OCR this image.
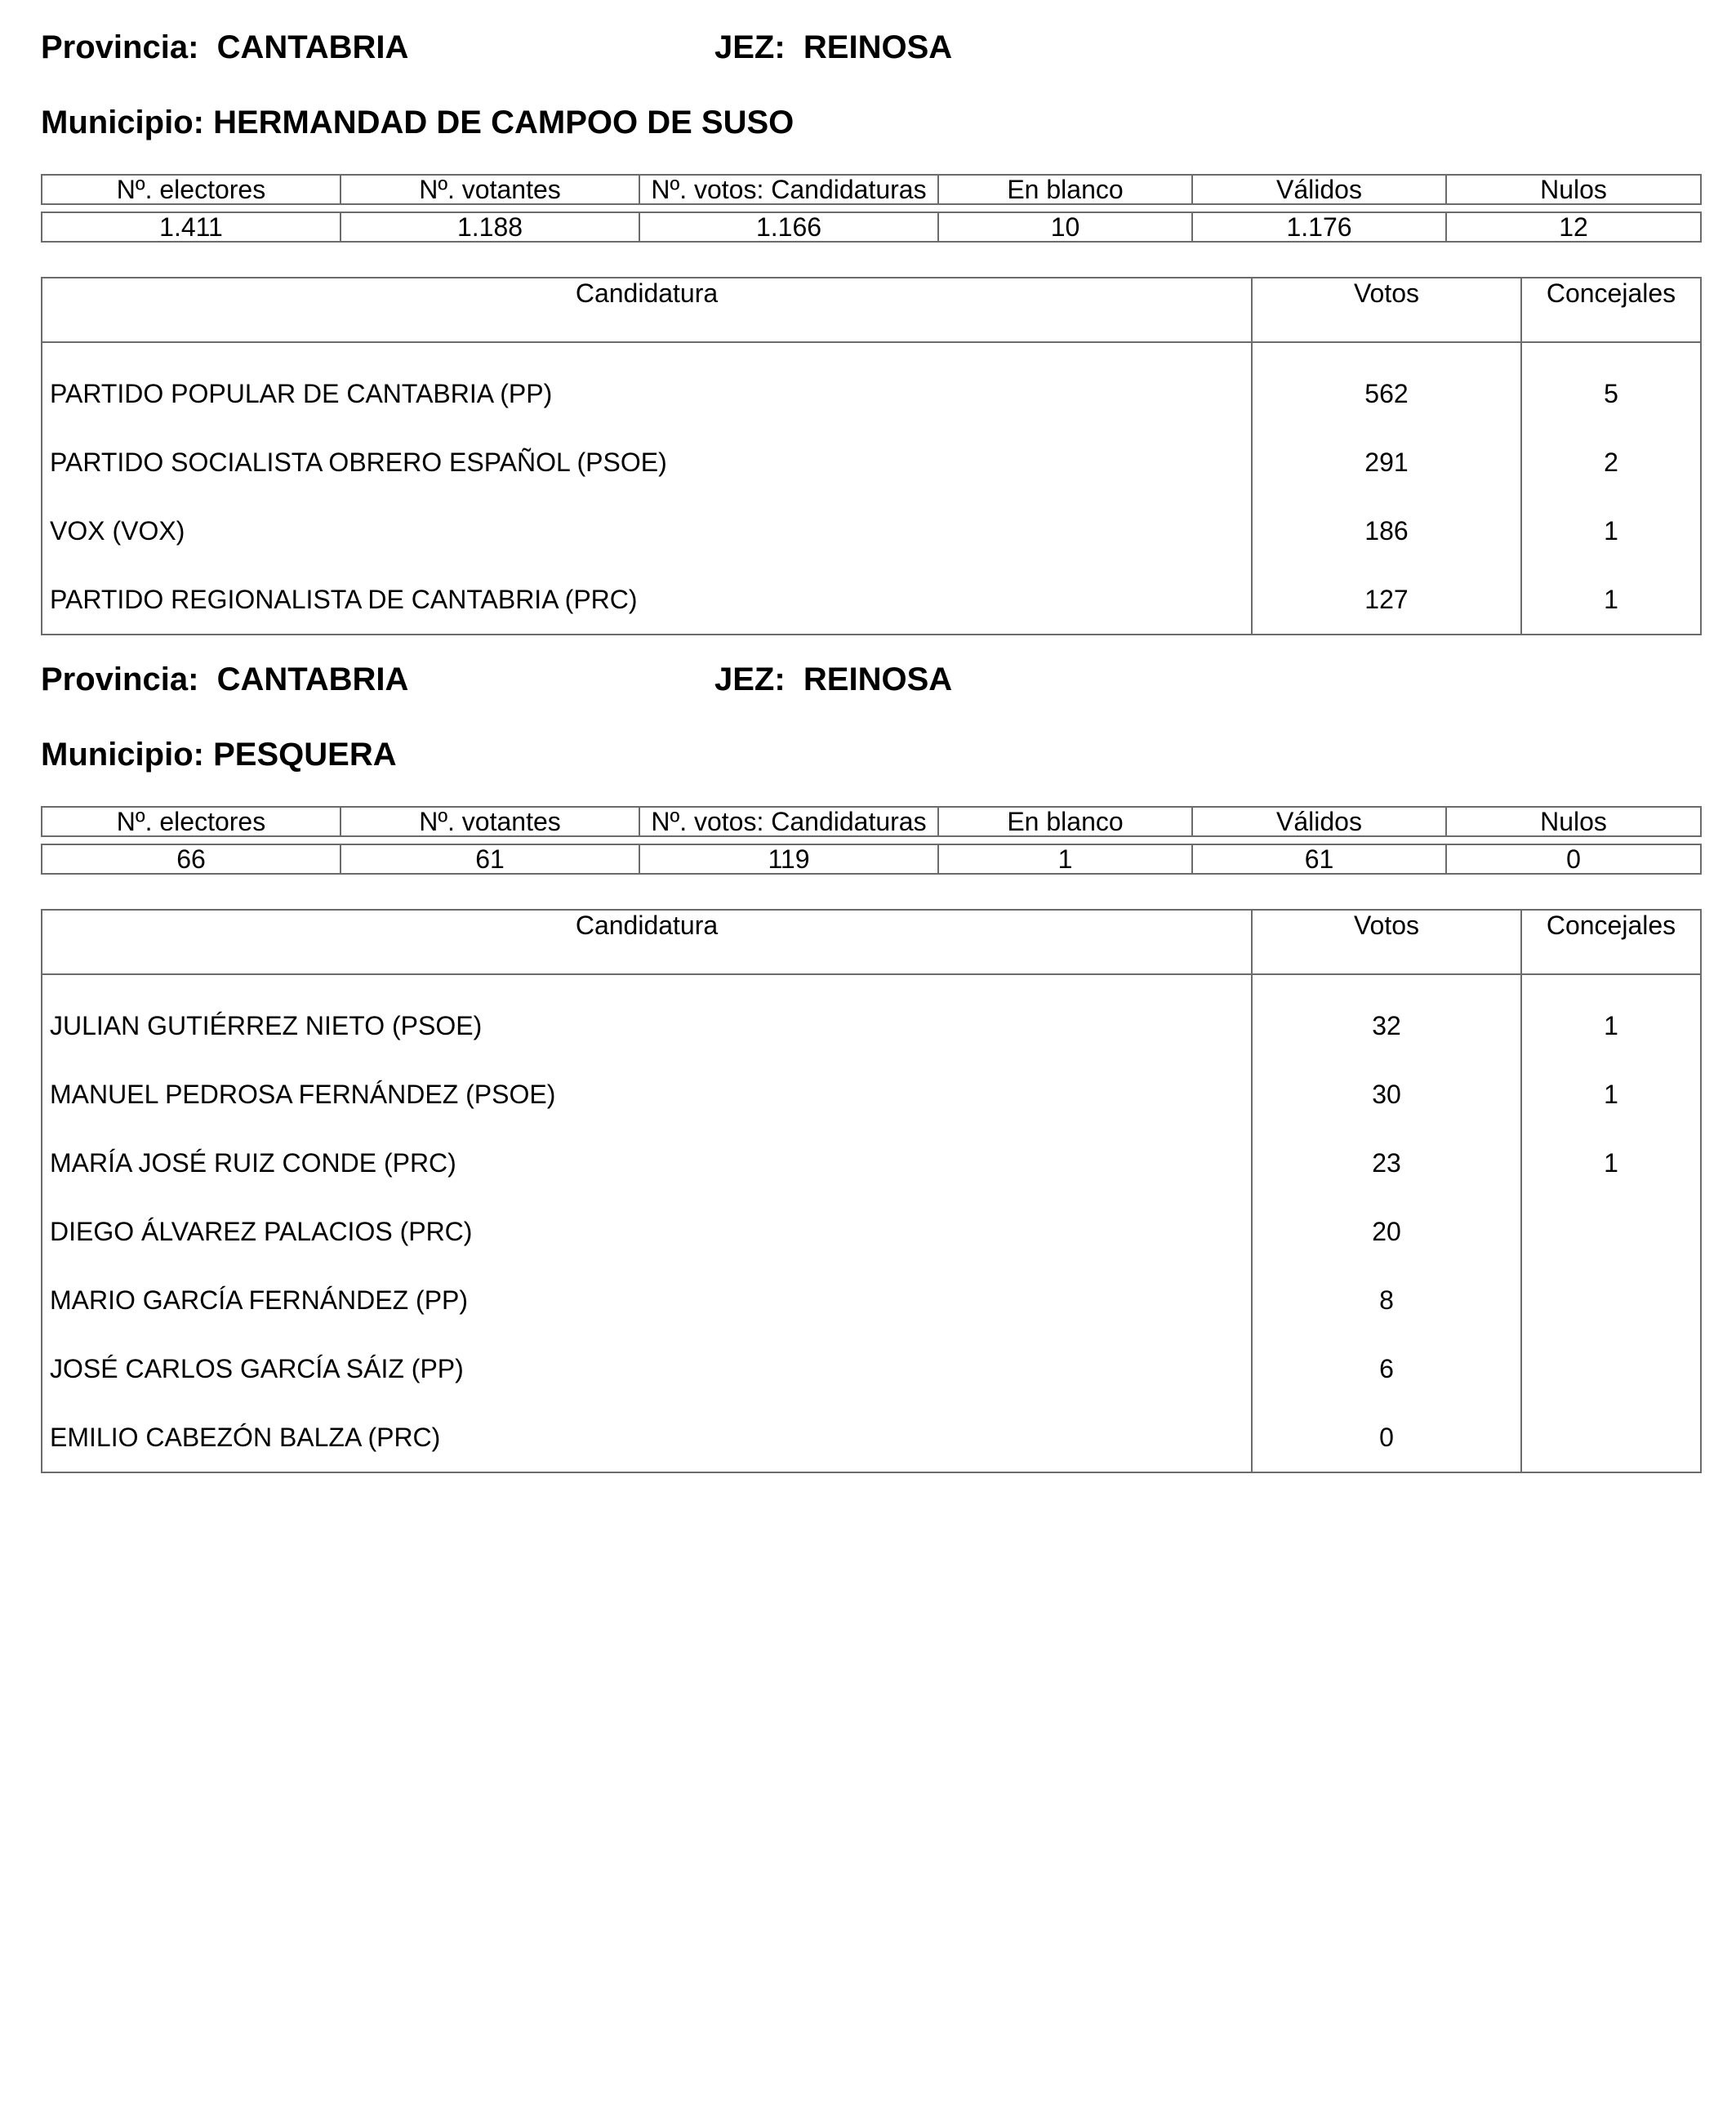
Provincia: CANTABRIA	JEZ: REINOSA
Municipio: HERMANDAD DE CAMPOO DE SUSO
Nº. electores	Nº. votantes	Nº. votos: Candidaturas	En blanco	Válidos	Nulos

1.411	1.188	1.166	10	1.176	12
Candidatura	Votos	Concejales

PARTIDO POPULAR DE CANTABRIA (PP)	562	5
PARTIDO SOCIALISTA OBRERO ESPAÑOL (PSOE)	291	2
VOX (VOX)	186	1
PARTIDO REGIONALISTA DE CANTABRIA (PRC)	127	1
Provincia: CANTABRIA	JEZ: REINOSA
Municipio: PESQUERA
Nº. electores	Nº. votantes	Nº. votos: Candidaturas	En blanco	Válidos	Nulos

66	61	119	1	61	0
Candidatura	Votos	Concejales

JULIAN GUTIÉRREZ NIETO (PSOE)	32	1
MANUEL PEDROSA FERNÁNDEZ (PSOE)	30	1
MARÍA JOSÉ RUIZ CONDE (PRC)	23	1
DIEGO ÁLVAREZ PALACIOS (PRC)	20	
MARIO GARCÍA FERNÁNDEZ (PP)	8	
JOSÉ CARLOS GARCÍA SÁIZ (PP)	6	
EMILIO CABEZÓN BALZA (PRC)	0	
